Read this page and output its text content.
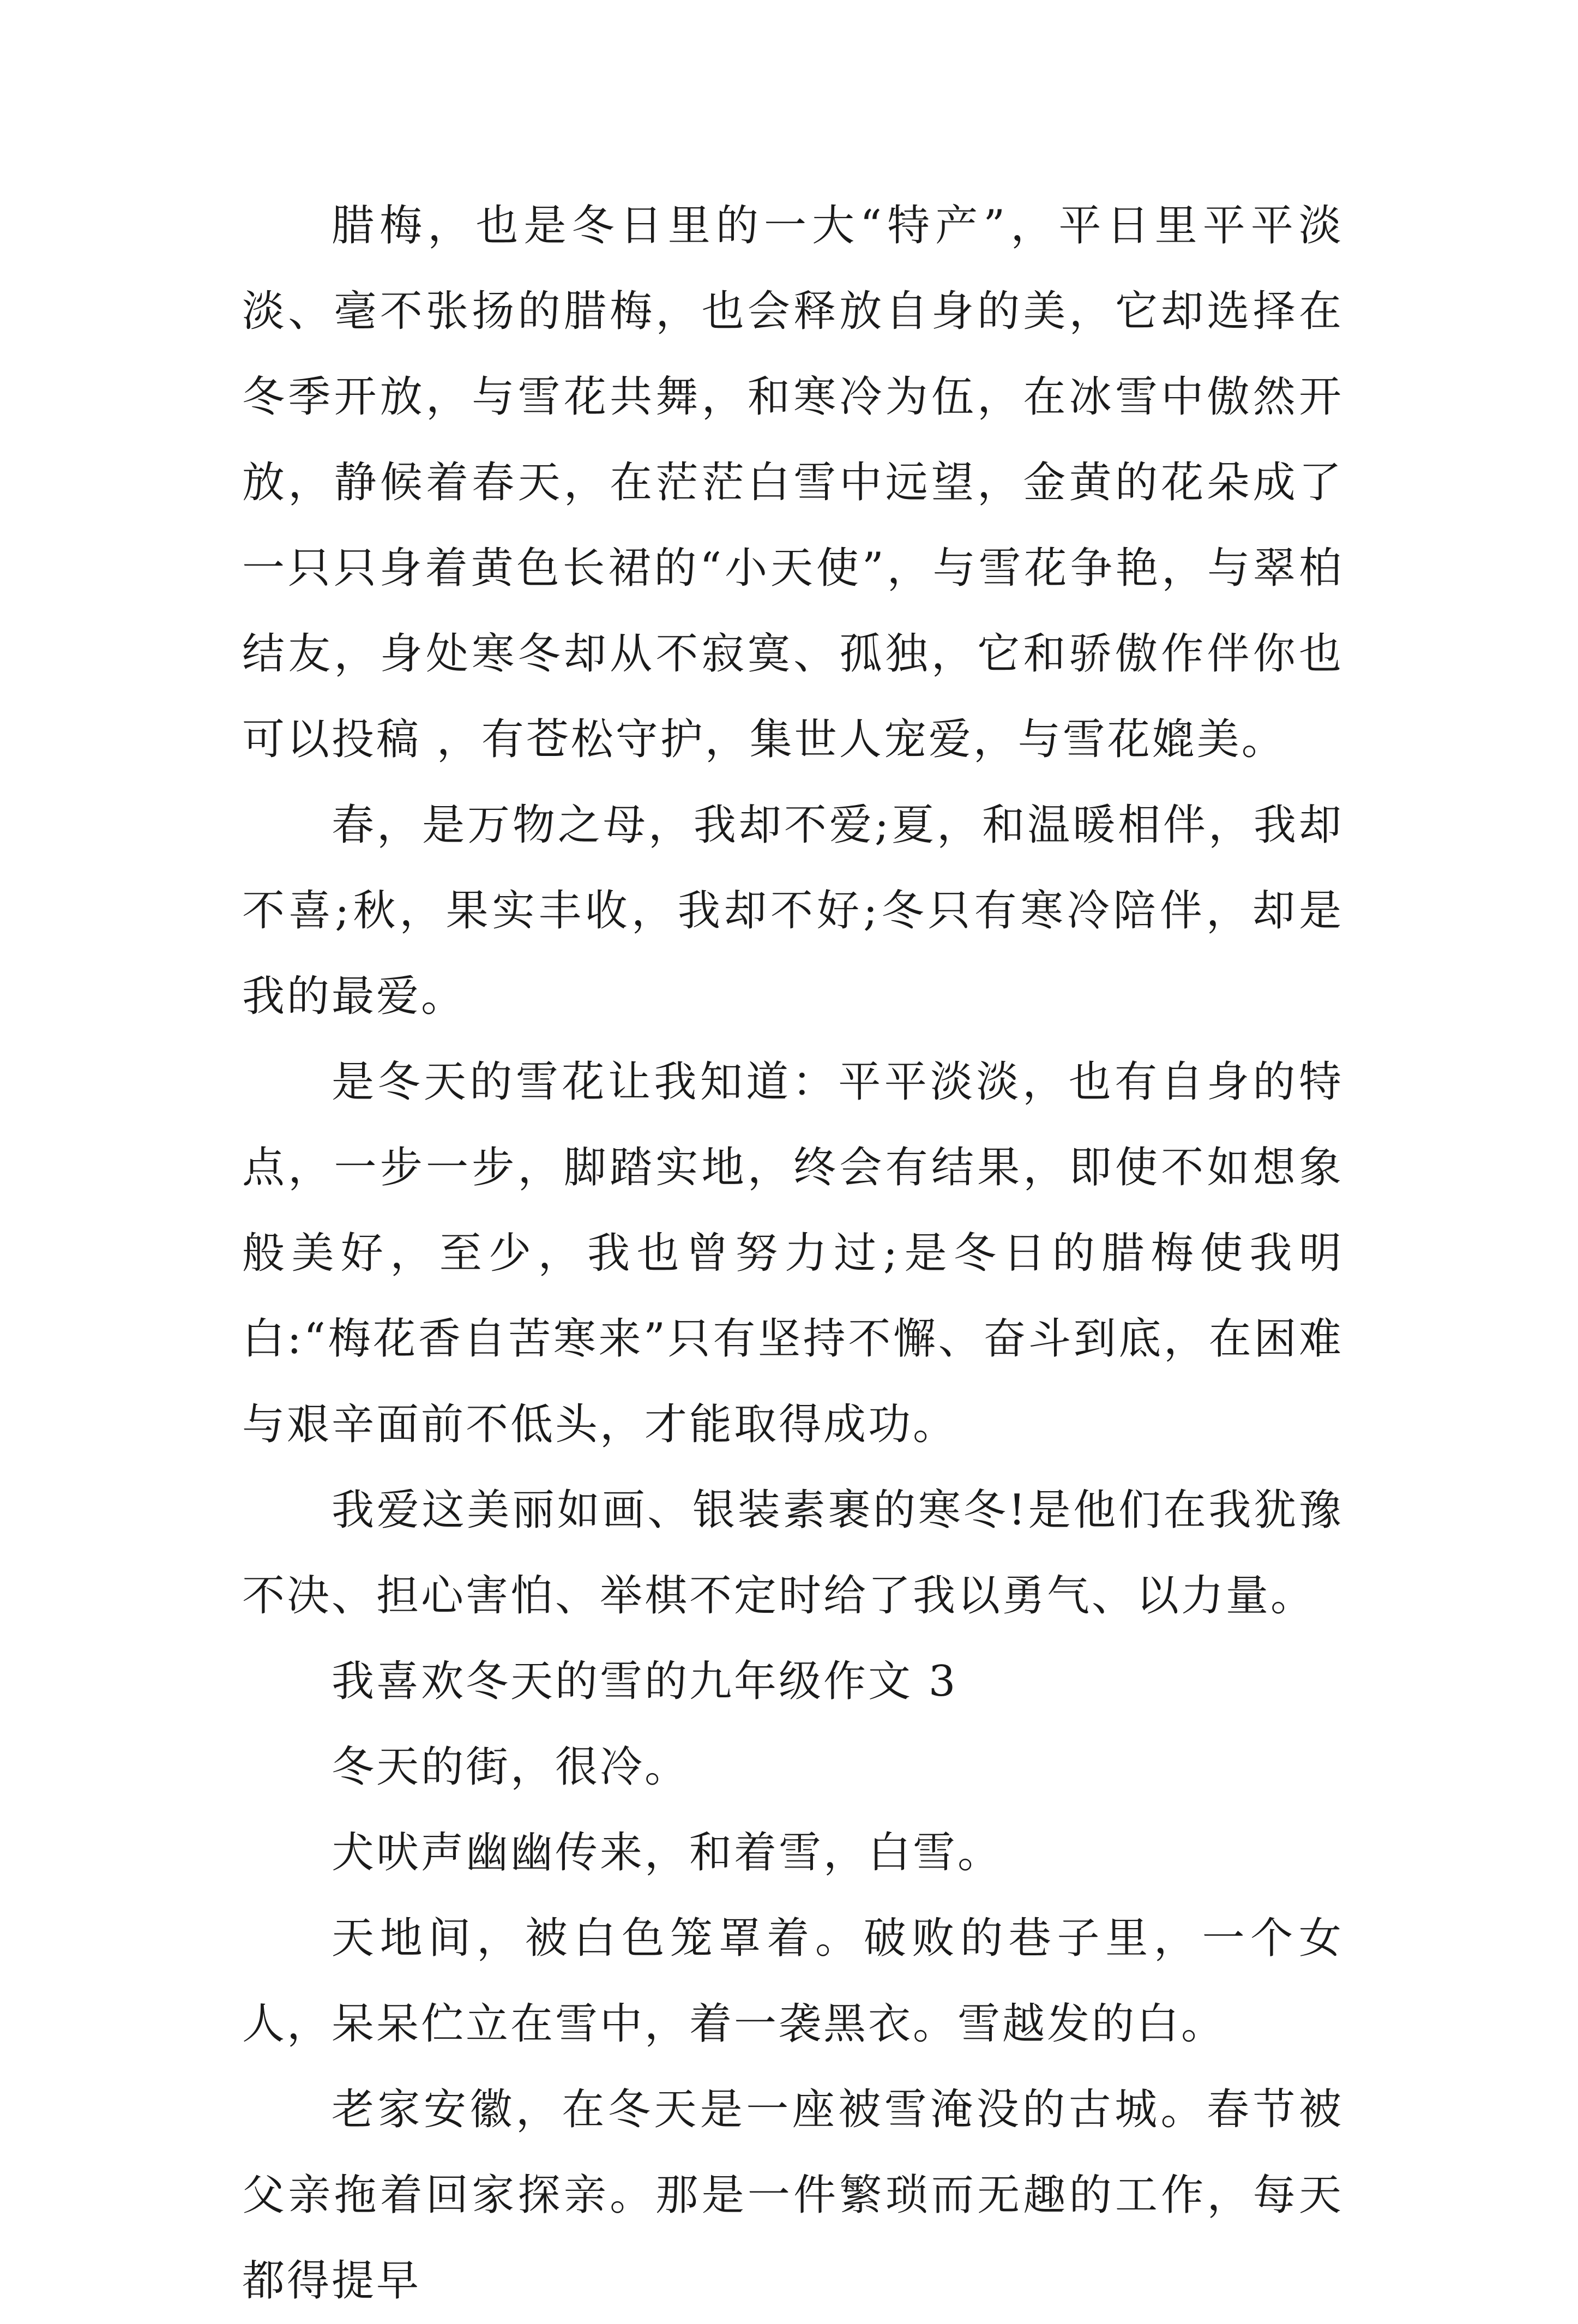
腊梅，也是冬日里的一大“特产”，平日里平平淡淡、毫不张扬的腊梅，也会释放自身的美，它却选择在冬季开放，与雪花共舞，和寒冷为伍，在冰雪中傲然开放，静候着春天，在茫茫白雪中远望，金黄的花朵成了一只只身着黄色长裙的“小天使”，与雪花争艳，与翠柏结友，身处寒冬却从不寂寞、孤独，它和骄傲作伴你也可以投稿 ，有苍松守护，集世人宠爱，与雪花媲美。

春，是万物之母，我却不爱;夏，和温暖相伴，我却不喜;秋，果实丰收，我却不好;冬只有寒冷陪伴，却是我的最爱。

是冬天的雪花让我知道：平平淡淡，也有自身的特点，一步一步，脚踏实地，终会有结果，即使不如想象般美好，至少，我也曾努力过;是冬日的腊梅使我明白:“梅花香自苦寒来”只有坚持不懈、奋斗到底，在困难与艰辛面前不低头，才能取得成功。

我爱这美丽如画、银装素裹的寒冬!是他们在我犹豫不决、担心害怕、举棋不定时给了我以勇气、以力量。

我喜欢冬天的雪的九年级作文 3

冬天的街，很冷。

犬吠声幽幽传来，和着雪，白雪。

天地间，被白色笼罩着。破败的巷子里，一个女人，呆呆伫立在雪中，着一袭黑衣。雪越发的白。

老家安徽，在冬天是一座被雪淹没的古城。春节被父亲拖着回家探亲。那是一件繁琐而无趣的工作，每天都得提早
